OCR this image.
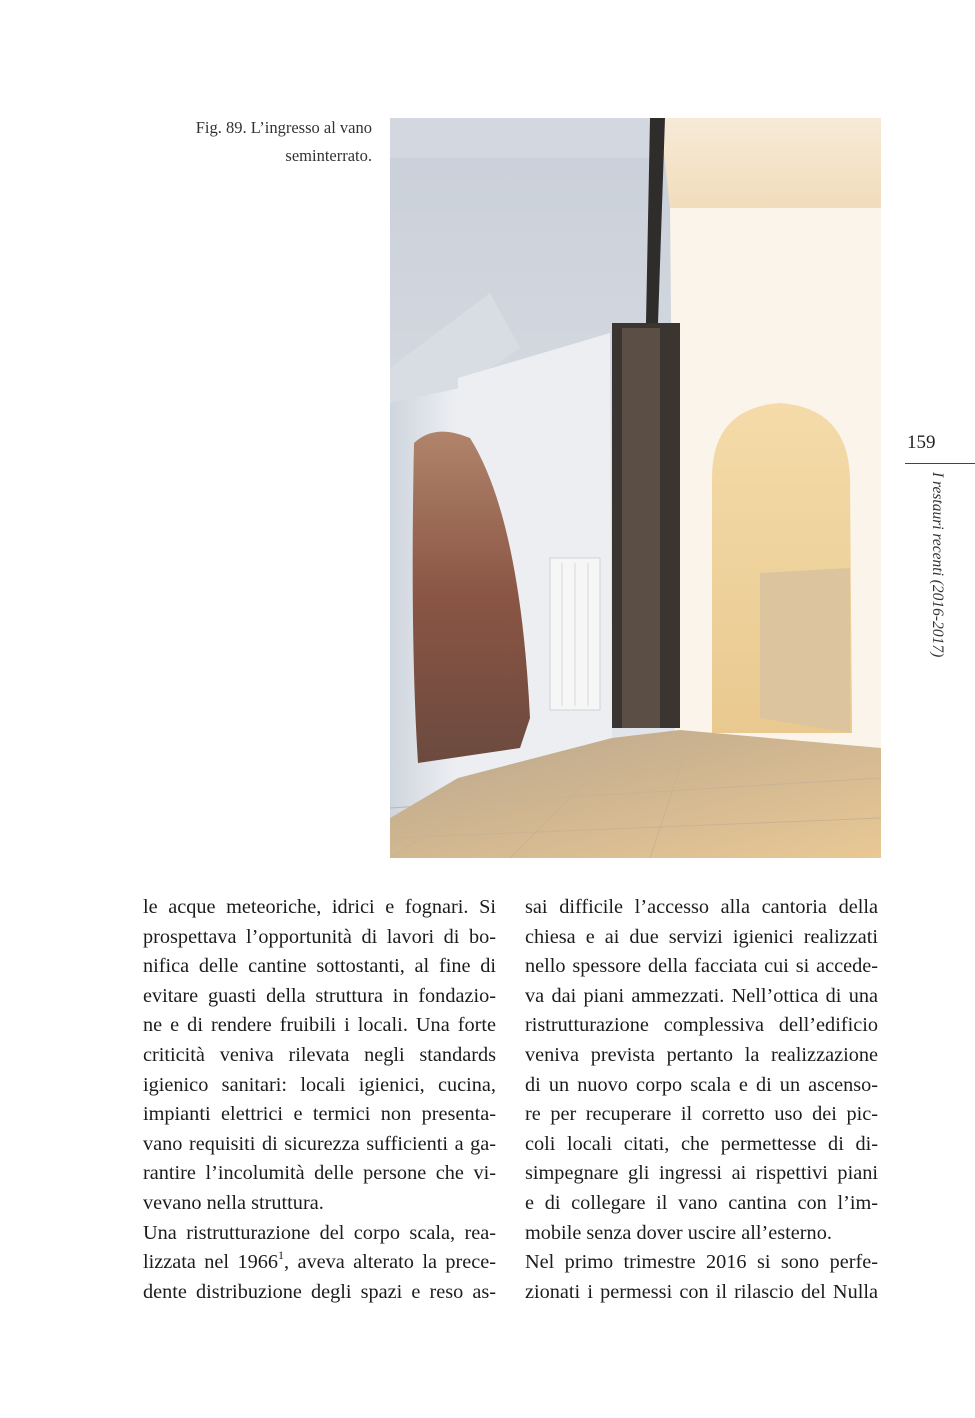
Fig. 89. L’ingresso al vano
seminterrato.
159
I restauri recenti (2016-2017)
le acque meteoriche, idrici e fognari. Si
prospettava l’opportunità di lavori di bo-
nifica delle cantine sottostanti, al fine di
evitare guasti della struttura in fondazio-
ne e di rendere fruibili i locali. Una forte
criticità veniva rilevata negli standards
igienico sanitari: locali igienici, cucina,
impianti elettrici e termici non presenta-
vano requisiti di sicurezza sufficienti a ga-
rantire l’incolumità delle persone che vi-
vevano nella struttura.
Una ristrutturazione del corpo scala, rea-
lizzata nel 1966$^1$, aveva alterato la prece-
dente distribuzione degli spazi e reso as-
sai difficile l’accesso alla cantoria della
chiesa e ai due servizi igienici realizzati
nello spessore della facciata cui si accede-
va dai piani ammezzati. Nell’ottica di una
ristrutturazione complessiva dell’edificio
veniva prevista pertanto la realizzazione
di un nuovo corpo scala e di un ascenso-
re per recuperare il corretto uso dei pic-
coli locali citati, che permettesse di di-
simpegnare gli ingressi ai rispettivi piani
e di collegare il vano cantina con l’im-
mobile senza dover uscire all’esterno.
Nel primo trimestre 2016 si sono perfe-
zionati i permessi con il rilascio del Nulla
